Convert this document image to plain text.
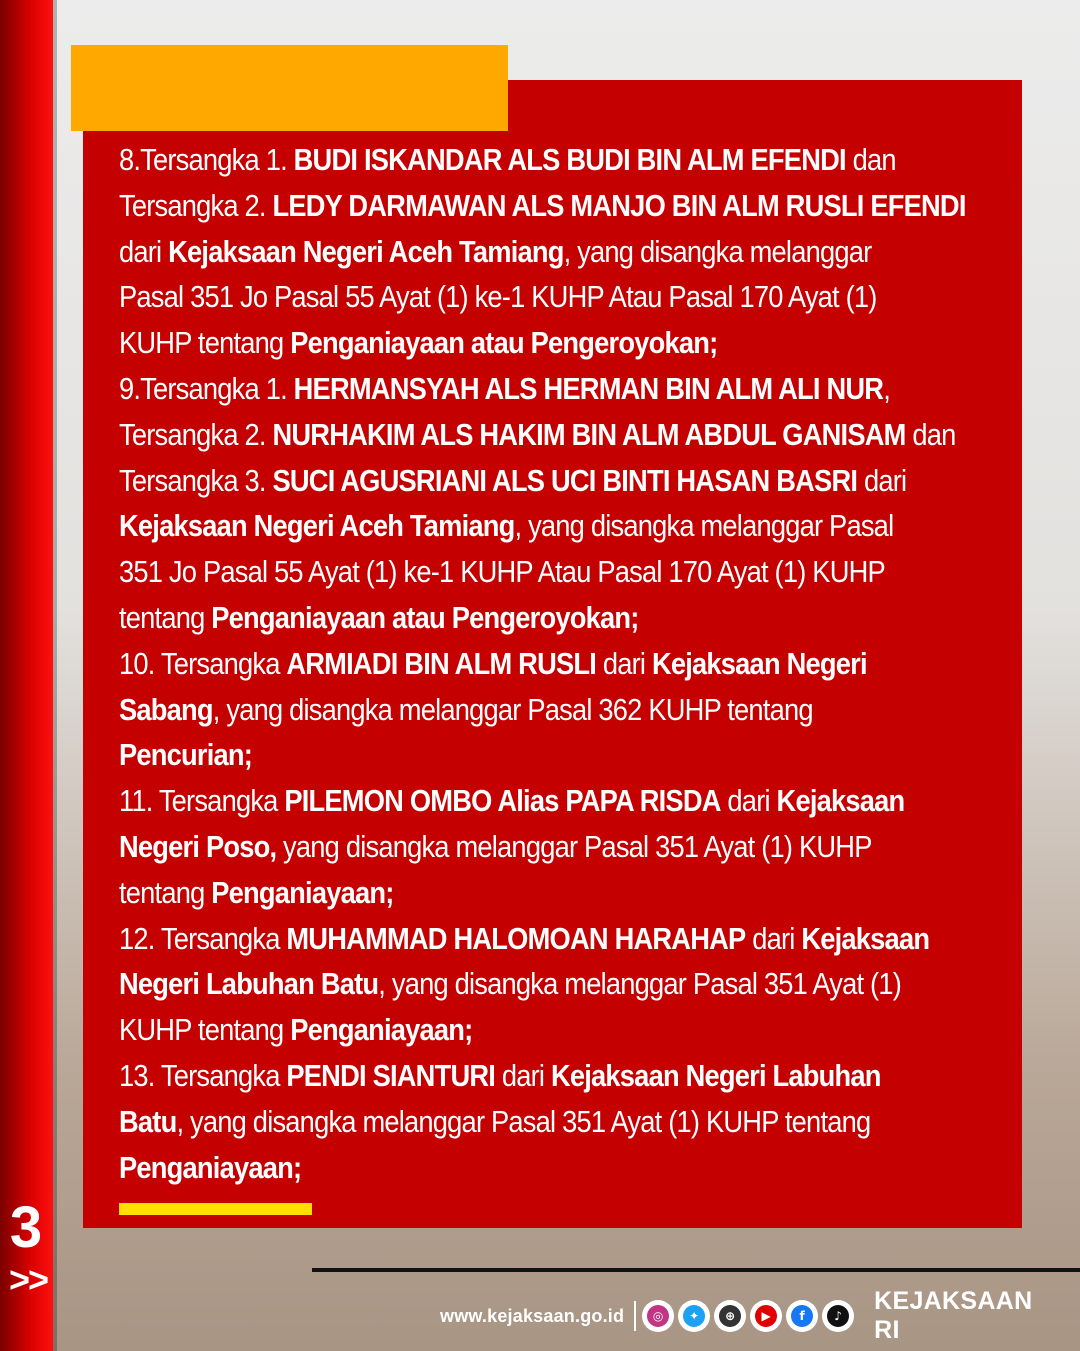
3
>>
8.Tersangka 1. BUDI ISKANDAR ALS BUDI BIN ALM EFENDI dan
Tersangka 2. LEDY DARMAWAN ALS MANJO BIN ALM RUSLI EFENDI
dari Kejaksaan Negeri Aceh Tamiang, yang disangka melanggar
Pasal 351 Jo Pasal 55 Ayat (1) ke-1 KUHP Atau Pasal 170 Ayat (1)
KUHP tentang Penganiayaan atau Pengeroyokan;
9.Tersangka 1. HERMANSYAH ALS HERMAN BIN ALM ALI NUR,
Tersangka 2. NURHAKIM ALS HAKIM BIN ALM ABDUL GANISAM dan
Tersangka 3. SUCI AGUSRIANI ALS UCI BINTI HASAN BASRI dari
Kejaksaan Negeri Aceh Tamiang, yang disangka melanggar Pasal
351 Jo Pasal 55 Ayat (1) ke-1 KUHP Atau Pasal 170 Ayat (1) KUHP
tentang Penganiayaan atau Pengeroyokan;
10. Tersangka ARMIADI BIN ALM RUSLI dari Kejaksaan Negeri
Sabang, yang disangka melanggar Pasal 362 KUHP tentang
Pencurian;
11. Tersangka PILEMON OMBO Alias PAPA RISDA dari Kejaksaan
Negeri Poso, yang disangka melanggar Pasal 351 Ayat (1) KUHP
tentang Penganiayaan;
12. Tersangka MUHAMMAD HALOMOAN HARAHAP dari Kejaksaan
Negeri Labuhan Batu, yang disangka melanggar Pasal 351 Ayat (1)
KUHP tentang Penganiayaan;
13. Tersangka PENDI SIANTURI dari Kejaksaan Negeri Labuhan
Batu, yang disangka melanggar Pasal 351 Ayat (1) KUHP tentang
Penganiayaan;
www.kejaksaan.go.id	◎	✦	⊕	▶	f	♪
KEJAKSAAN RI
